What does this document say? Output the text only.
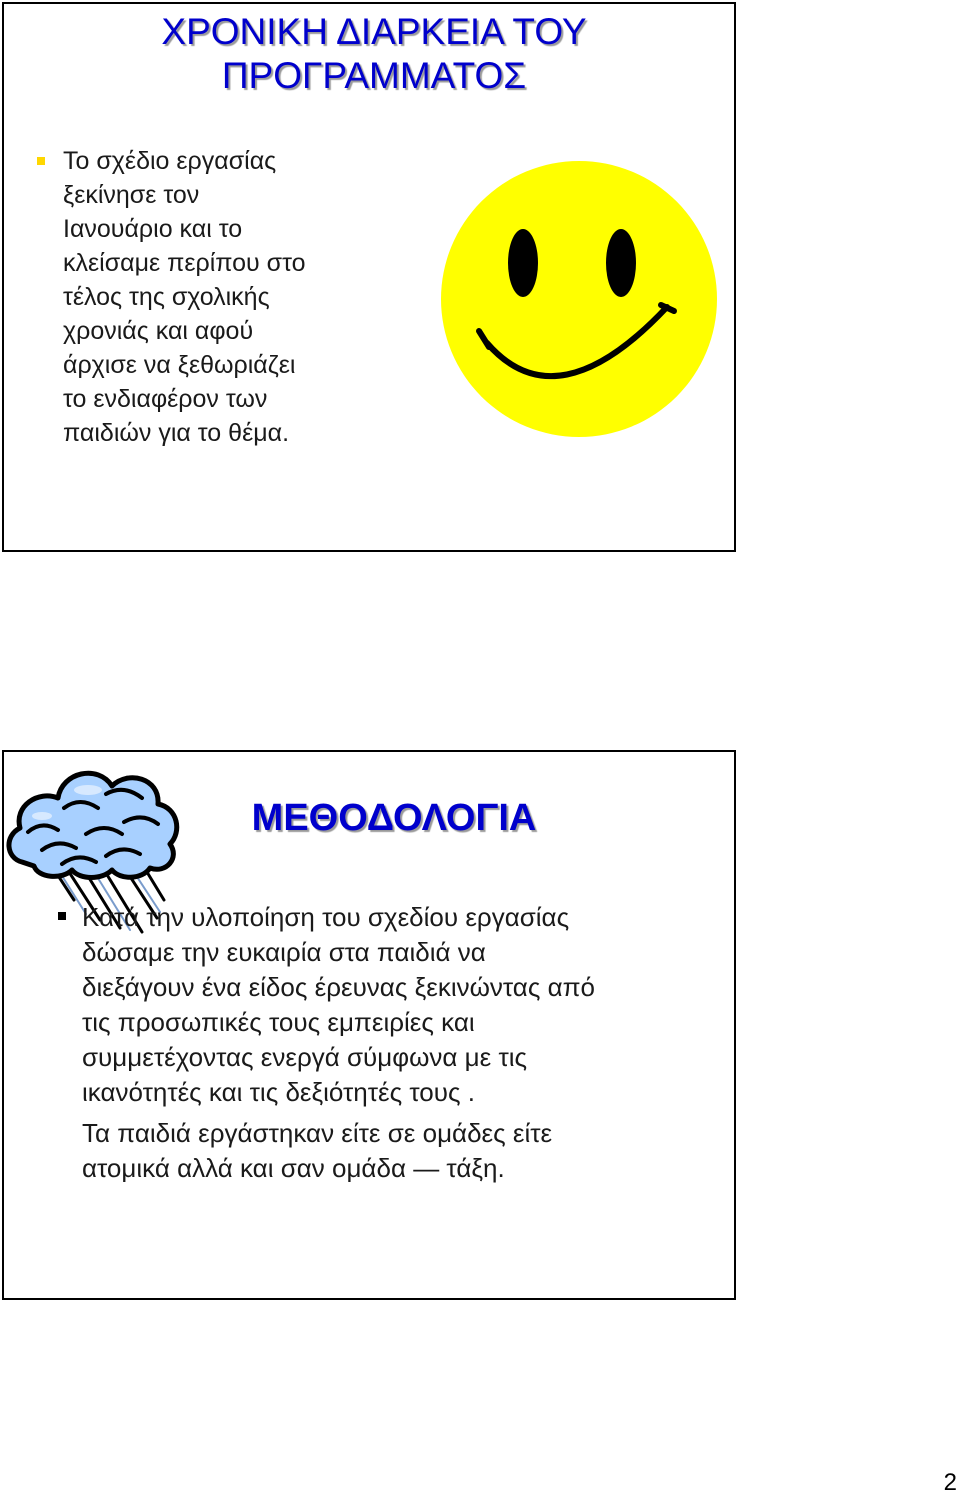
ΧΡΟΝΙΚΗ ΔΙΑΡΚΕΙΑ ΤΟΥ
ΠΡΟΓΡΑΜΜΑΤΟΣ

Το σχέδιο εργασίας
ξεκίνησε τον
Ιανουάριο και το
κλείσαμε περίπου στο
τέλος της σχολικής
χρονιάς και αφού
άρχισε να ξεθωριάζει
το ενδιαφέρον των
παιδιών για το θέμα.

ΜΕΘΟΔΟΛΟΓΙΑ
Κατά την υλοποίηση του σχεδίου εργασίας
δώσαμε την ευκαιρία στα παιδιά να
διεξάγουν ένα είδος έρευνας ξεκινώντας από
τις προσωπικές τους εμπειρίες και
συμμετέχοντας ενεργά σύμφωνα με τις
ικανότητές και τις δεξιότητές τους .
Τα παιδιά εργάστηκαν είτε σε ομάδες είτε
ατομικά αλλά και σαν ομάδα — τάξη.
2
